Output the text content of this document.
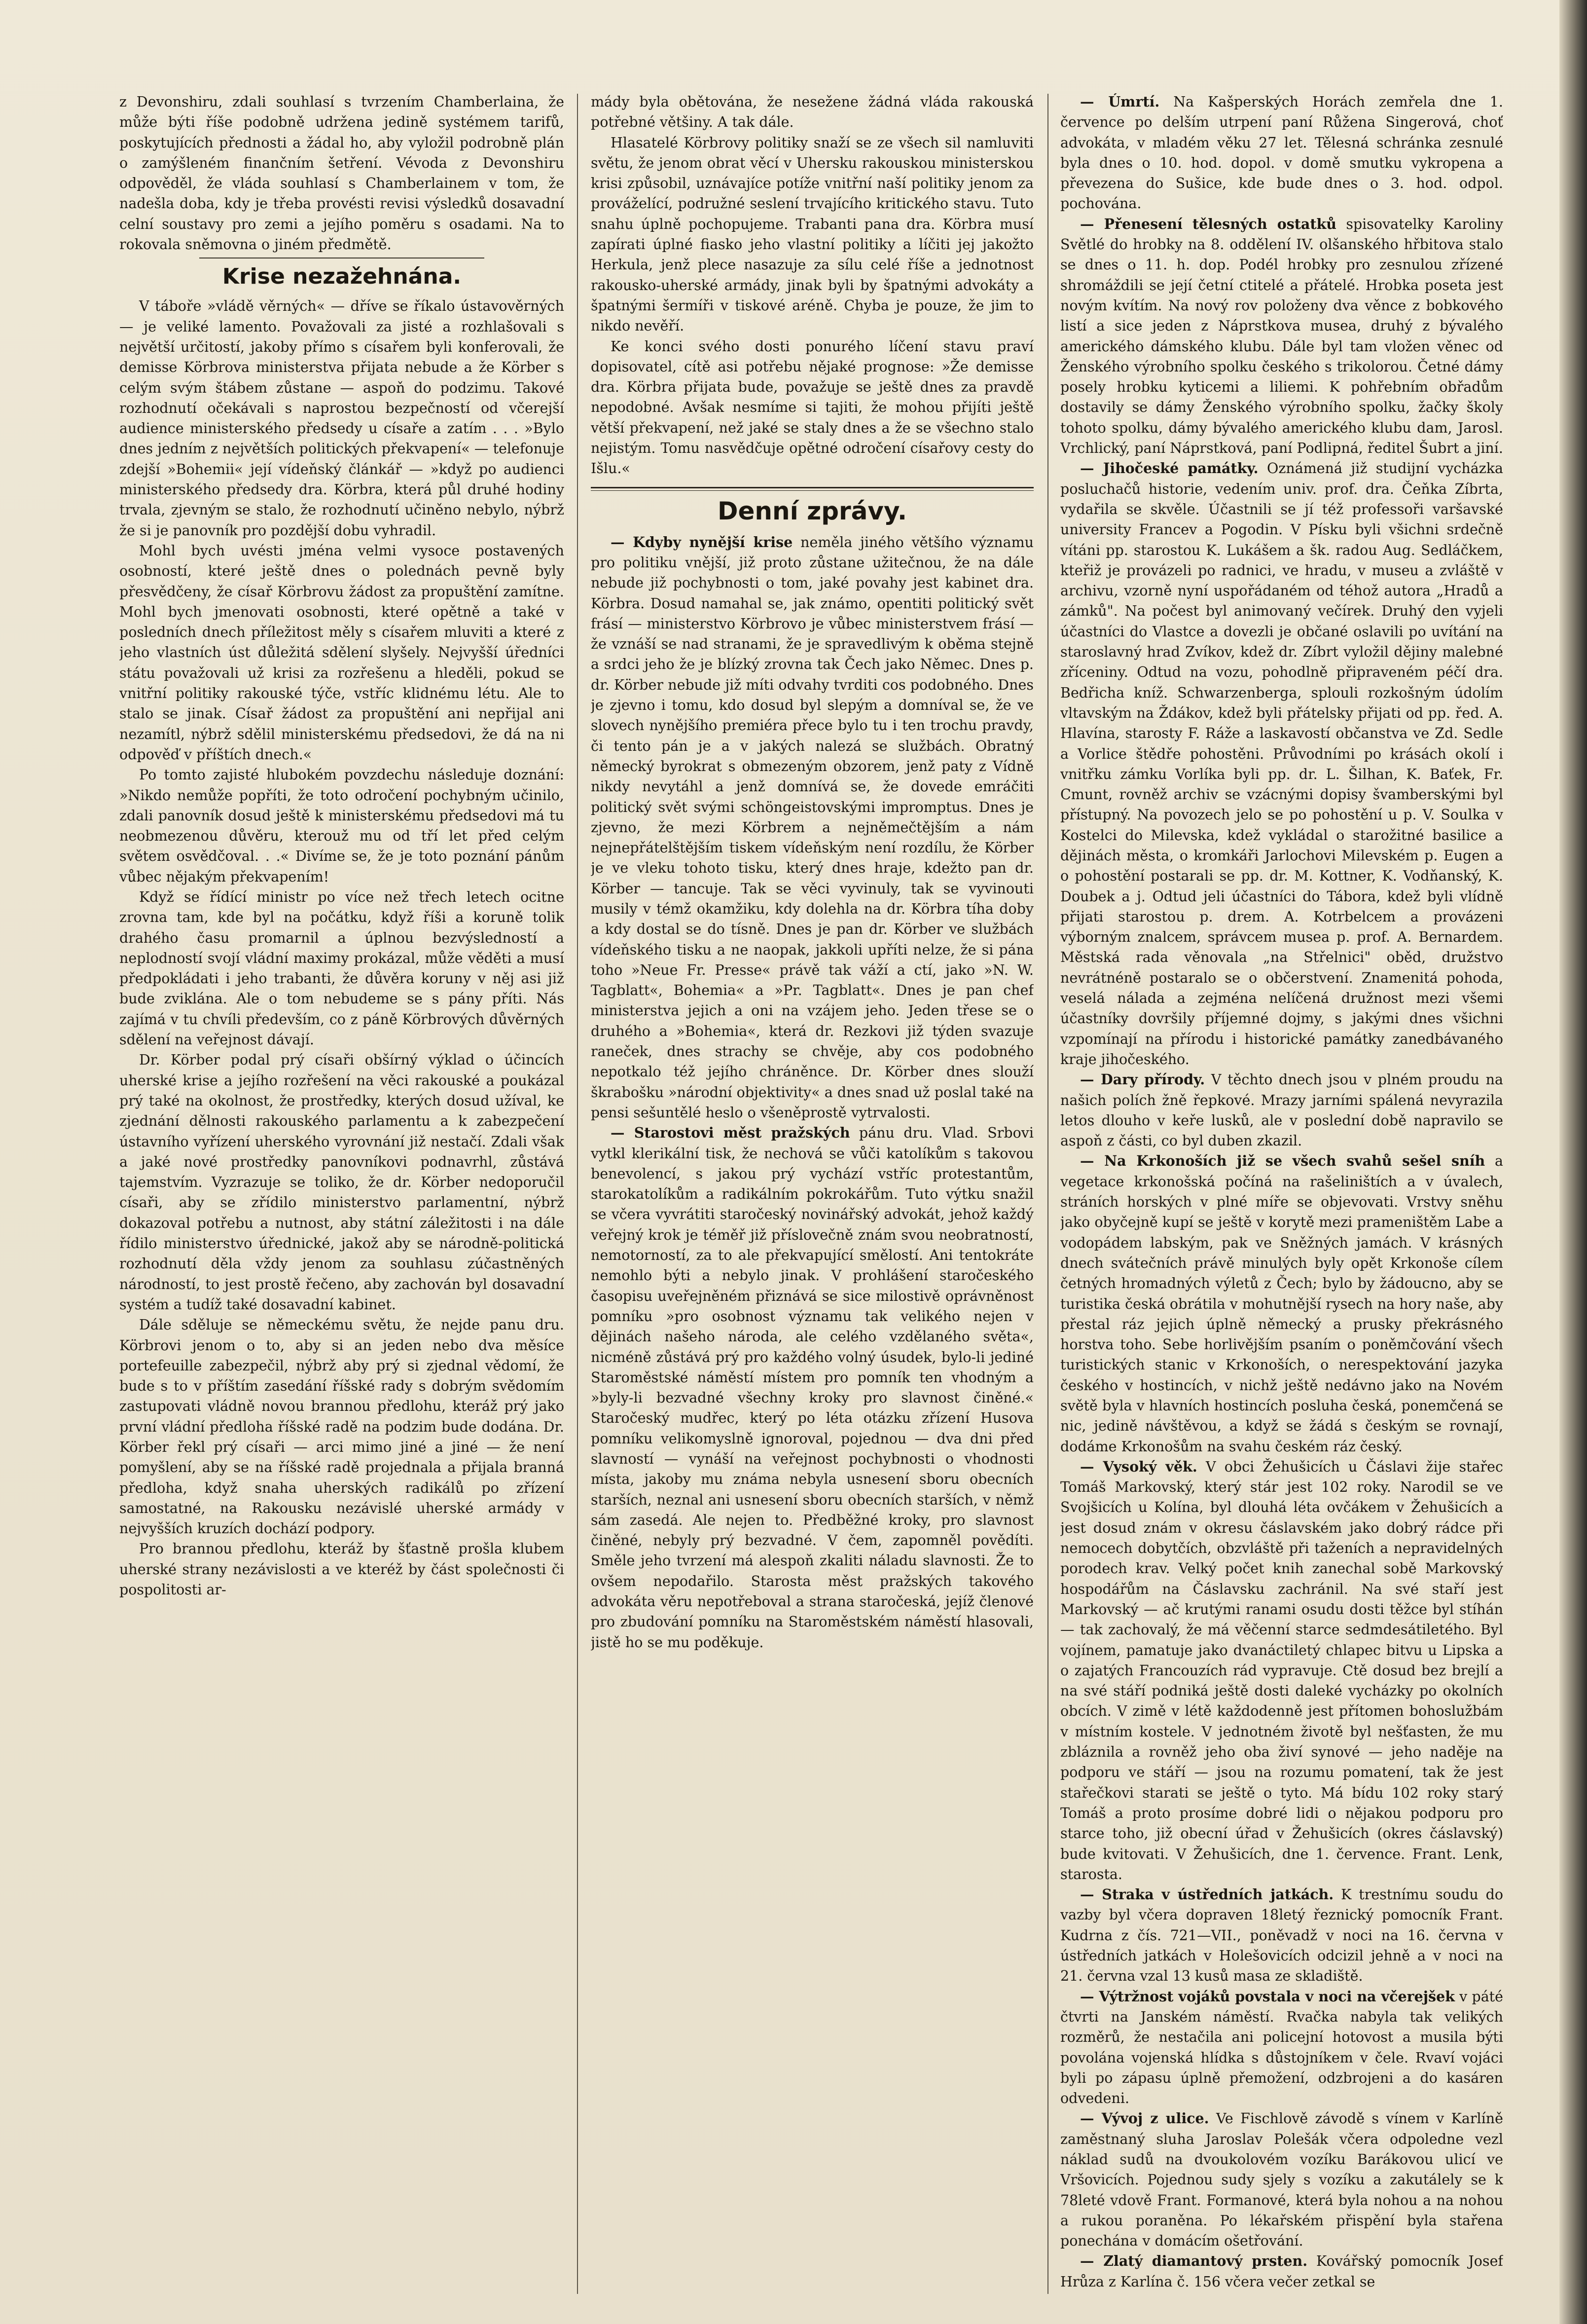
z Devonshiru, zdali souhlasí s tvrzením Chamberlaina, že může býti říše podobně udržena jedině systémem tarifů, poskytujících přednosti a žádal ho, aby vyložil podrobně plán o zamýšleném finančním šetření. Vévoda z Devonshiru odpověděl, že vláda souhlasí s Chamberlainem v tom, že nadešla doba, kdy je třeba provésti revisi výsledků dosavadní celní soustavy pro zemi a jejího poměru s osadami. Na to rokovala sněmovna o jiném předmětě.

Krise nezažehnána.

V táboře »vládě věrných« — dříve se říkalo ústavověrných — je veliké lamento. Považovali za jisté a rozhlašovali s největší určitostí, jakoby přímo s císařem byli konferovali, že demisse Körbrova ministerstva přijata nebude a že Körber s celým svým štábem zůstane — aspoň do podzimu. Takové rozhodnutí očekávali s naprostou bezpečností od včerejší audience ministerského předsedy u císaře a zatím . . . »Bylo dnes jedním z největších politických překvapení« — telefonuje zdejší »Bohemii« její vídeňský článkář — »když po audienci ministerského předsedy dra. Körbra, která půl druhé hodiny trvala, zjevným se stalo, že rozhodnutí učiněno nebylo, nýbrž že si je panovník pro pozdější dobu vyhradil.

Mohl bych uvésti jména velmi vysoce postavených osobností, které ještě dnes o polednách pevně byly přesvědčeny, že císař Körbrovu žádost za propuštění zamítne. Mohl bych jmenovati osobnosti, které opětně a také v posledních dnech příležitost měly s císařem mluviti a které z jeho vlastních úst důležitá sdělení slyšely. Nejvyšší úředníci státu považovali už krisi za rozřešenu a hleděli, pokud se vnitřní politiky rakouské týče, vstříc klidnému létu. Ale to stalo se jinak. Císař žádost za propuštění ani nepřijal ani nezamítl, nýbrž sdělil ministerskému předsedovi, že dá na ni odpověď v příštích dnech.«

Po tomto zajisté hlubokém povzdechu následuje doznání: »Nikdo nemůže popříti, že toto odročení pochybným učinilo, zdali panovník dosud ještě k ministerskému předsedovi má tu neobmezenou důvěru, kterouž mu od tří let před celým světem osvědčoval. . .« Divíme se, že je toto poznání pánům vůbec nějakým překvapením!

Když se řídící ministr po více než třech letech ocitne zrovna tam, kde byl na počátku, když říši a koruně tolik drahého času promarnil a úplnou bezvýsledností a neplodností svojí vládní maximy prokázal, může věděti a musí předpokládati i jeho trabanti, že důvěra koruny v něj asi již bude zviklána. Ale o tom nebudeme se s pány příti. Nás zajímá v tu chvíli především, co z páně Körbrových důvěrných sdělení na veřejnost dávají.

Dr. Körber podal prý císaři obšírný výklad o účincích uherské krise a jejího rozřešení na věci rakouské a poukázal prý také na okolnost, že prostředky, kterých dosud užíval, ke zjednání dělnosti rakouského parlamentu a k zabezpečení ústavního vyřízení uherského vyrovnání již nestačí. Zdali však a jaké nové prostředky panovníkovi podnavrhl, zůstává tajemstvím. Vyzrazuje se toliko, že dr. Körber nedoporučil císaři, aby se zřídilo ministerstvo parlamentní, nýbrž dokazoval potřebu a nutnost, aby státní záležitosti i na dále řídilo ministerstvo úřednické, jakož aby se národně-politická rozhodnutí děla vždy jenom za souhlasu zúčastněných národností, to jest prostě řečeno, aby zachován byl dosavadní systém a tudíž také dosavadní kabinet.

Dále sděluje se německému světu, že nejde panu dru. Körbrovi jenom o to, aby si an jeden nebo dva měsíce portefeuille zabezpečil, nýbrž aby prý si zjednal vědomí, že bude s to v příštím zasedání říšské rady s dobrým svědomím zastupovati vládně novou brannou předlohu, kteráž prý jako první vládní předloha říšské radě na podzim bude dodána. Dr. Körber řekl prý císaři — arci mimo jiné a jiné — že není pomyšlení, aby se na říšské radě projednala a přijala branná předloha, když snaha uherských radikálů po zřízení samostatné, na Rakousku nezávislé uherské armády v nejvyšších kruzích dochází podpory.

Pro brannou předlohu, kteráž by šťastně prošla klubem uherské strany nezávislosti a ve kteréž by část společnosti či pospolitosti ar-

mády byla obětována, že nesežene žádná vláda rakouská potřebné většiny. A tak dále.

Hlasatelé Körbrovy politiky snaží se ze všech sil namluviti světu, že jenom obrat věcí v Uhersku rakouskou ministerskou krisi způsobil, uznávajíce potíže vnitřní naší politiky jenom za prováželící, podružné seslení trvajícího kritického stavu. Tuto snahu úplně pochopujeme. Trabanti pana dra. Körbra musí zapírati úplné fiasko jeho vlastní politiky a líčiti jej jakožto Herkula, jenž plece nasazuje za sílu celé říše a jednotnost rakousko-uherské armády, jinak byli by špatnými advokáty a špatnými šermíři v tiskové aréně. Chyba je pouze, že jim to nikdo nevěří.

Ke konci svého dosti ponurého líčení stavu praví dopisovatel, cítě asi potřebu nějaké prognose: »Že demisse dra. Körbra přijata bude, považuje se ještě dnes za pravdě nepodobné. Avšak nesmíme si tajiti, že mohou přijíti ještě větší překvapení, než jaké se staly dnes a že se všechno stalo nejistým. Tomu nasvědčuje opětné odročení císařovy cesty do Išlu.«

Denní zprávy.

— Kdyby nynější krise neměla jiného většího významu pro politiku vnější, již proto zůstane užitečnou, že na dále nebude již pochybnosti o tom, jaké povahy jest kabinet dra. Körbra. Dosud namahal se, jak známo, opentiti politický svět frásí — ministerstvo Körbrovo je vůbec ministerstvem frásí — že vznáší se nad stranami, že je spravedlivým k oběma stejně a srdci jeho že je blízký zrovna tak Čech jako Němec. Dnes p. dr. Körber nebude již míti odvahy tvrditi cos podobného. Dnes je zjevno i tomu, kdo dosud byl slepým a domníval se, že ve slovech nynějšího premiéra přece bylo tu i ten trochu pravdy, či tento pán je a v jakých nalezá se službách. Obratný německý byrokrat s obmezeným obzorem, jenž paty z Vídně nikdy nevytáhl a jenž domnívá se, že dovede emráčiti politický svět svými schöngeistovskými impromptus. Dnes je zjevno, že mezi Körbrem a nejněmečtějším a nám nejnepřátelštějším tiskem vídeňským není rozdílu, že Körber je ve vleku tohoto tisku, který dnes hraje, kdežto pan dr. Körber — tancuje. Tak se věci vyvinuly, tak se vyvinouti musily v témž okamžiku, kdy dolehla na dr. Körbra tíha doby a kdy dostal se do tísně. Dnes je pan dr. Körber ve službách vídeňského tisku a ne naopak, jakkoli upříti nelze, že si pána toho »Neue Fr. Presse« právě tak váží a ctí, jako »N. W. Tagblatt«, Bohemia« a »Pr. Tagblatt«. Dnes je pan chef ministerstva jejich a oni na vzájem jeho. Jeden třese se o druhého a »Bohemia«, která dr. Rezkovi již týden svazuje raneček, dnes strachy se chvěje, aby cos podobného nepotkalo též jejího chráněnce. Dr. Körber dnes slouží škrabošku »národní objektivity« a dnes snad už poslal také na pensi sešuntělé heslo o všeněprostě vytrvalosti.

— Starostovi měst pražských pánu dru. Vlad. Srbovi vytkl klerikální tisk, že nechová se vůči katolíkům s takovou benevolencí, s jakou prý vychází vstříc protestantům, starokatolíkům a radikálním pokrokářům. Tuto výtku snažil se včera vyvrátiti staročeský novinářský advokát, jehož každý veřejný krok je téměř již příslovečně znám svou neobratností, nemotorností, za to ale překvapující smělostí. Ani tentokráte nemohlo býti a nebylo jinak. V prohlášení staročeského časopisu uveřejněném přiznává se sice milostivě oprávněnost pomníku »pro osobnost významu tak velikého nejen v dějinách našeho národa, ale celého vzdělaného světa«, nicméně zůstává prý pro každého volný úsudek, bylo-li jediné Staroměstské náměstí místem pro pomník ten vhodným a »byly-li bezvadné všechny kroky pro slavnost činěné.« Staročeský mudřec, který po léta otázku zřízení Husova pomníku velikomyslně ignoroval, pojednou — dva dni před slavností — vynáší na veřejnost pochybnosti o vhodnosti místa, jakoby mu známa nebyla usnesení sboru obecních starších, neznal ani usnesení sboru obecních starších, v němž sám zasedá. Ale nejen to. Předběžné kroky, pro slavnost činěné, nebyly prý bezvadné. V čem, zapomněl povědíti. Směle jeho tvrzení má alespoň zkaliti náladu slavnosti. Že to ovšem nepodařilo. Starosta měst pražských takového advokáta věru nepotřeboval a strana staročeská, jejíž členové pro zbudování pomníku na Staroměstském náměstí hlasovali, jistě ho se mu poděkuje.

— Úmrtí. Na Kašperských Horách zemřela dne 1. července po delším utrpení paní Růžena Singerová, choť advokáta, v mladém věku 27 let. Tělesná schránka zesnulé byla dnes o 10. hod. dopol. v domě smutku vykropena a převezena do Sušice, kde bude dnes o 3. hod. odpol. pochována.

— Přenesení tělesných ostatků spisovatelky Karoliny Světlé do hrobky na 8. oddělení IV. olšanského hřbitova stalo se dnes o 11. h. dop. Podél hrobky pro zesnulou zřízené shromáždili se její četní ctitelé a přátelé. Hrobka poseta jest novým kvítím. Na nový rov položeny dva věnce z bobkového listí a sice jeden z Náprstkova musea, druhý z bývalého amerického dámského klubu. Dále byl tam vložen věnec od Ženského výrobního spolku českého s trikolorou. Četné dámy posely hrobku kyticemi a liliemi. K pohřebním obřadům dostavily se dámy Ženského výrobního spolku, žačky školy tohoto spolku, dámy bývalého amerického klubu dam, Jarosl. Vrchlický, paní Náprstková, paní Podlipná, ředitel Šubrt a jiní.

— Jihočeské památky. Oznámená již studijní vycházka posluchačů historie, vedením univ. prof. dra. Čeňka Zíbrta, vydařila se skvěle. Účastnili se jí též professoři varšavské university Francev a Pogodin. V Písku byli všichni srdečně vítáni pp. starostou K. Lukášem a šk. radou Aug. Sedláčkem, kteřiž je provázeli po radnici, ve hradu, v museu a zvláště v archivu, vzorně nyní uspořádaném od téhož autora „Hradů a zámků". Na počest byl animovaný večírek. Druhý den vyjeli účastníci do Vlastce a dovezli je občané oslavili po uvítání na staroslavný hrad Zvíkov, kdež dr. Zíbrt vyložil dějiny malebné zříceniny. Odtud na vozu, pohodlně připraveném péčí dra. Bedřicha kníž. Schwarzenberga, splouli rozkošným údolím vltavským na Ždákov, kdež byli přátelsky přijati od pp. řed. A. Hlavína, starosty F. Ráže a laskavostí občanstva ve Zd. Sedle a Vorlice štědře pohostěni. Průvodními po krásách okolí i vnitřku zámku Vorlíka byli pp. dr. L. Šilhan, K. Baťek, Fr. Cmunt, rovněž archiv se vzácnými dopisy švamberskými byl přístupný. Na povozech jelo se po pohostění u p. V. Soulka v Kostelci do Milevska, kdež vykládal o starožitné basilice a dějinách města, o kromkáři Jarlochovi Milevském p. Eugen a o pohostění postarali se pp. dr. M. Kottner, K. Vodňanský, K. Doubek a j. Odtud jeli účastníci do Tábora, kdež byli vlídně přijati starostou p. drem. A. Kotrbelcem a provázeni výborným znalcem, správcem musea p. prof. A. Bernardem. Městská rada věnovala „na Střelnici" oběd, družstvo nevrátnéně postaralo se o občerstvení. Znamenitá pohoda, veselá nálada a zejména nelíčená družnost mezi všemi účastníky dovršily příjemné dojmy, s jakými dnes všichni vzpomínají na přírodu i historické památky zanedbávaného kraje jihočeského.

— Dary přírody. V těchto dnech jsou v plném proudu na našich polích žně řepkové. Mrazy jarními spálená nevyrazila letos dlouho v keře lusků, ale v poslední době napravilo se aspoň z části, co byl duben zkazil.

— Na Krkonoších již se všech svahů sešel sníh a vegetace krkonošská počíná na rašeliništích a v úvalech, stráních horských v plné míře se objevovati. Vrstvy sněhu jako obyčejně kupí se ještě v korytě mezi prameništěm Labe a vodopádem labským, pak ve Sněžných jamách. V krásných dnech svátečních právě minulých byly opět Krkonoše cílem četných hromadných výletů z Čech; bylo by žádoucno, aby se turistika česká obrátila v mohutnější rysech na hory naše, aby přestal ráz jejich úplně německý a prusky překrásného horstva toho. Sebe horlivějším psaním o poněmčování všech turistických stanic v Krkonoších, o nerespektování jazyka českého v hostincích, v nichž ještě nedávno jako na Novém světě byla v hlavních hostincích posluha česká, ponemčená se nic, jedině návštěvou, a když se žádá s českým se rovnají, dodáme Krkonošům na svahu českém ráz český.

— Vysoký věk. V obci Žehušicích u Čáslavi žije stařec Tomáš Markovský, který stár jest 102 roky. Narodil se ve Svojšicích u Kolína, byl dlouhá léta ovčákem v Žehušicích a jest dosud znám v okresu čáslavském jako dobrý rádce při nemocech dobytčích, obzvláště při taženích a nepravidelných porodech krav. Velký počet knih zanechal sobě Markovský hospodářům na Čáslavsku zachránil. Na své staří jest Markovský — ač krutými ranami osudu dosti těžce byl stíhán — tak zachovalý, že má věčenní starce sedmdesátiletého. Byl vojínem, pamatuje jako dvanáctiletý chlapec bitvu u Lipska a o zajatých Francouzích rád vypravuje. Ctě dosud bez brejlí a na své stáří podniká ještě dosti daleké vycházky po okolních obcích. V zimě v létě každodenně jest přítomen bohoslužbám v místním kostele. V jednotném životě byl nešťasten, že mu zbláznila a rovněž jeho oba živí synové — jeho naděje na podporu ve stáří — jsou na rozumu pomatení, tak že jest stařečkovi starati se ještě o tyto. Má bídu 102 roky starý Tomáš a proto prosíme dobré lidi o nějakou podporu pro starce toho, již obecní úřad v Žehušicích (okres čáslavský) bude kvitovati. V Žehušicích, dne 1. července. Frant. Lenk, starosta.

— Straka v ústředních jatkách. K trestnímu soudu do vazby byl včera dopraven 18letý řeznický pomocník Frant. Kudrna z čís. 721—VII., poněvadž v noci na 16. června v ústředních jatkách v Holešovicích odcizil jehně a v noci na 21. června vzal 13 kusů masa ze skladiště.

— Výtržnost vojáků povstala v noci na včerejšek v páté čtvrti na Janském náměstí. Rvačka nabyla tak velikých rozměrů, že nestačila ani policejní hotovost a musila býti povolána vojenská hlídka s důstojníkem v čele. Rvaví vojáci byli po zápasu úplně přemožení, odzbrojeni a do kasáren odvedeni.

— Vývoj z ulice. Ve Fischlově závodě s vínem v Karlíně zaměstnaný sluha Jaroslav Polešák včera odpoledne vezl náklad sudů na dvoukolovém vozíku Barákovou ulicí ve Vršovicích. Pojednou sudy sjely s vozíku a zakutálely se k 78leté vdově Frant. Formanové, která byla nohou a na nohou a rukou poraněna. Po lékařském přispění byla stařena ponechána v domácím ošetřování.

— Zlatý diamantový prsten. Kovářský pomocník Josef Hrůza z Karlína č. 156 včera večer zetkal se
